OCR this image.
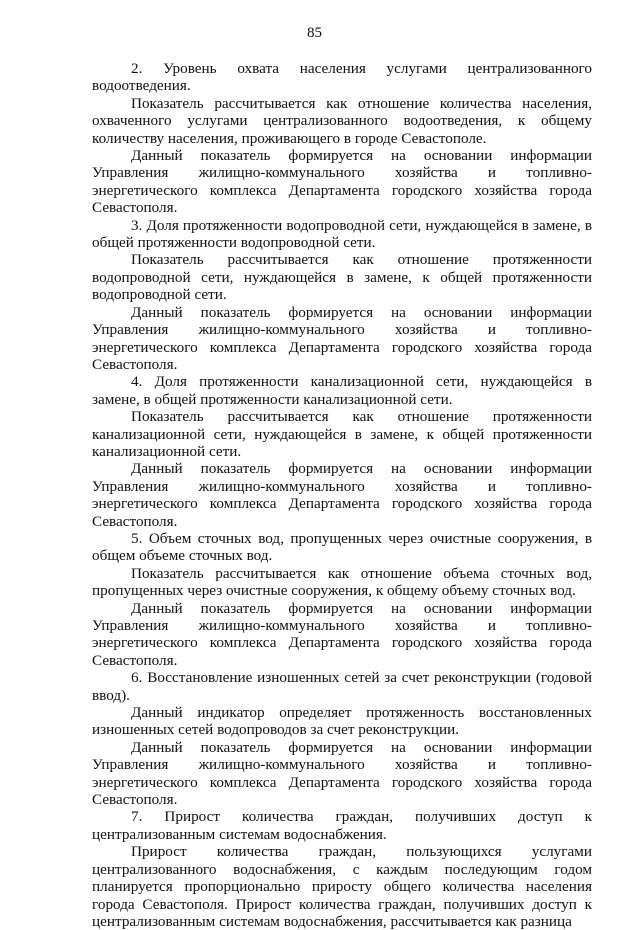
85

2. Уровень охвата населения услугами централизованного водоотведения.

Показатель рассчитывается как отношение количества населения, охваченного услугами централизованного водоотведения, к общему количеству населения, проживающего в городе Севастополе.

Данный показатель формируется на основании информации Управления жилищно-коммунального хозяйства и топливно-энергетического комплекса Департамента городского хозяйства города Севастополя.

3. Доля протяженности водопроводной сети, нуждающейся в замене, в общей протяженности водопроводной сети.

Показатель рассчитывается как отношение протяженности водопроводной сети, нуждающейся в замене, к общей протяженности водопроводной сети.

Данный показатель формируется на основании информации Управления жилищно-коммунального хозяйства и топливно-энергетического комплекса Департамента городского хозяйства города Севастополя.

4. Доля протяженности канализационной сети, нуждающейся в замене, в общей протяженности канализационной сети.

Показатель рассчитывается как отношение протяженности канализационной сети, нуждающейся в замене, к общей протяженности канализационной сети.

Данный показатель формируется на основании информации Управления жилищно-коммунального хозяйства и топливно-энергетического комплекса Департамента городского хозяйства города Севастополя.

5. Объем сточных вод, пропущенных через очистные сооружения, в общем объеме сточных вод.

Показатель рассчитывается как отношение объема сточных вод, пропущенных через очистные сооружения, к общему объему сточных вод.

Данный показатель формируется на основании информации Управления жилищно-коммунального хозяйства и топливно-энергетического комплекса Департамента городского хозяйства города Севастополя.

6. Восстановление изношенных сетей за счет реконструкции (годовой ввод).

Данный индикатор определяет протяженность восстановленных изношенных сетей водопроводов за счет реконструкции.

Данный показатель формируется на основании информации Управления жилищно-коммунального хозяйства и топливно-энергетического комплекса Департамента городского хозяйства города Севастополя.

7. Прирост количества граждан, получивших доступ к централизованным системам водоснабжения.

Прирост количества граждан, пользующихся услугами централизованного водоснабжения, с каждым последующим годом планируется пропорционально приросту общего количества населения города Севастополя. Прирост количества граждан, получивших доступ к централизованным системам водоснабжения, рассчитывается как разница
